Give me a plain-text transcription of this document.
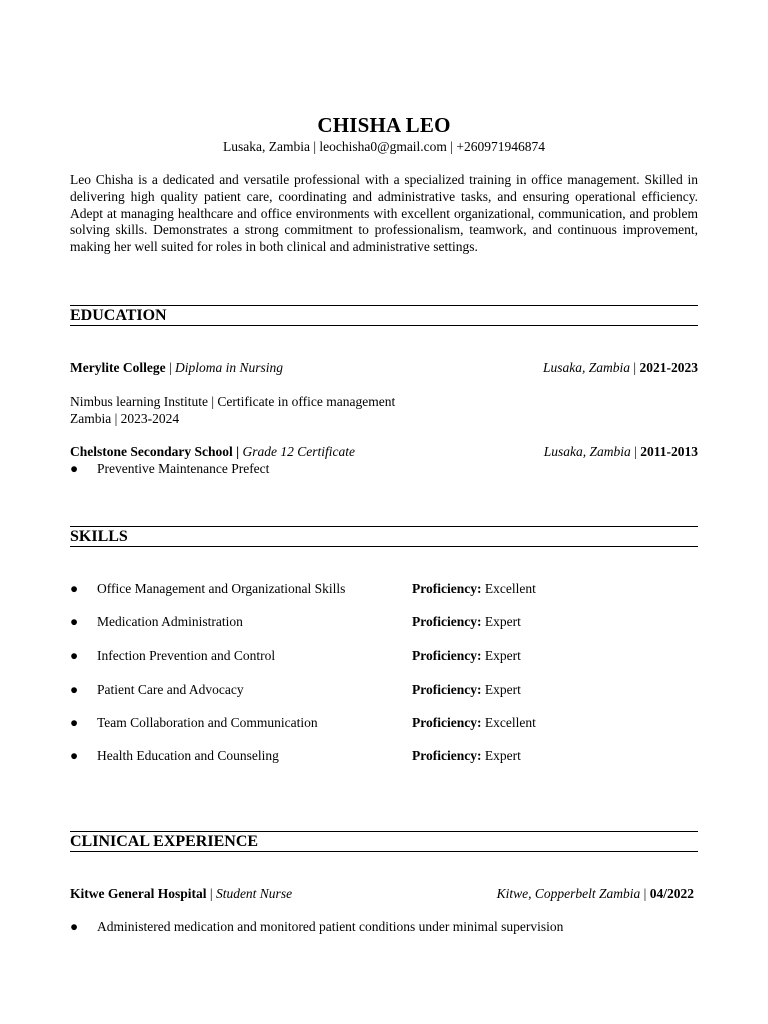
CHISHA LEO
Lusaka, Zambia | leochisha0@gmail.com | +260971946874
Leo Chisha is a dedicated and versatile professional with a specialized training in office management. Skilled in delivering high quality patient care, coordinating and administrative tasks, and ensuring operational efficiency. Adept at managing healthcare and office environments with excellent organizational, communication, and problem solving skills. Demonstrates a strong commitment to professionalism, teamwork, and continuous improvement, making her well suited for roles in both clinical and administrative settings.
EDUCATION
Merylite College | Diploma in Nursing	Lusaka, Zambia | 2021-2023
Nimbus learning Institute | Certificate in office management
Zambia | 2023-2024
Chelstone Secondary School | Grade 12 Certificate	Lusaka, Zambia | 2011-2013
● Preventive Maintenance Prefect
SKILLS
● Office Management and Organizational Skills	Proficiency: Excellent
● Medication Administration	Proficiency: Expert
● Infection Prevention and Control	Proficiency: Expert
● Patient Care and Advocacy	Proficiency: Expert
● Team Collaboration and Communication	Proficiency: Excellent
● Health Education and Counseling	Proficiency: Expert
CLINICAL EXPERIENCE
Kitwe General Hospital | Student Nurse	Kitwe, Copperbelt Zambia | 04/2022
● Administered medication and monitored patient conditions under minimal supervision
